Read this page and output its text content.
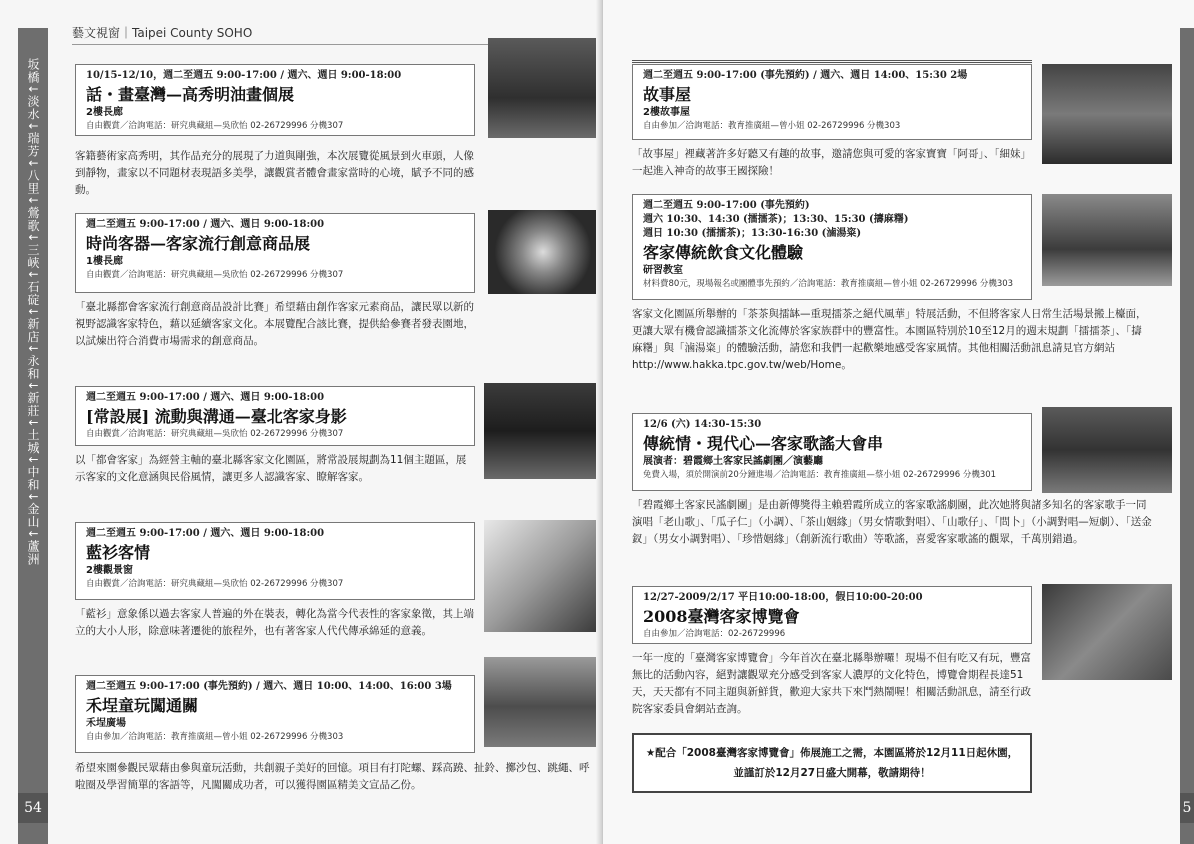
坂橋↓淡水↓瑞芳↓八里↓鶯歌↓三峽↓石碇↓新店↓永和↓新莊↓土城↓中和↓金山↓蘆洲
54
藝文視窗｜Taipei County SOHO
10/15-12/10，週二至週五 9:00-17:00 / 週六、週日 9:00-18:00
話・畫臺灣—高秀明油畫個展
2樓長廊
自由觀賞／洽詢電話：研究典藏組—吳欣怡 02-26729996 分機307
客籍藝術家高秀明，其作品充分的展現了力道與剛強，本次展覽從風景到火車頭，人像到靜物，畫家以不同題材表現語多美學，讓觀賞者體會畫家當時的心境，賦予不同的感動。
週二至週五 9:00-17:00 / 週六、週日 9:00-18:00
時尚客器—客家流行創意商品展
1樓長廊
自由觀賞／洽詢電話：研究典藏組—吳欣怡 02-26729996 分機307
「臺北縣都會客家流行創意商品設計比賽」希望藉由創作客家元素商品，讓民眾以新的視野認識客家特色，藉以延續客家文化。本展覽配合該比賽，提供給參賽者發表園地，以試煉出符合消費市場需求的創意商品。
週二至週五 9:00-17:00 / 週六、週日 9:00-18:00
[常設展] 流動與溝通—臺北客家身影
自由觀賞／洽詢電話：研究典藏組—吳欣怡 02-26729996 分機307
以「都會客家」為經營主軸的臺北縣客家文化園區，將常設展規劃為11個主題區，展示客家的文化意涵與民俗風情，讓更多人認識客家、瞭解客家。
週二至週五 9:00-17:00 / 週六、週日 9:00-18:00
藍衫客情
2樓觀景窗
自由觀賞／洽詢電話：研究典藏組—吳欣怡 02-26729996 分機307
「藍衫」意象係以過去客家人普遍的外在裝表，轉化為當今代表性的客家象徵，其上端立的大小人形，除意味著遷徙的旅程外，也有著客家人代代傳承綿延的意義。
週二至週五 9:00-17:00 (事先預約) / 週六、週日 10:00、14:00、16:00 3場
禾埕童玩闖通關
禾埕廣場
自由參加／洽詢電話：教育推廣組—曾小姐 02-26729996 分機303
希望來園參觀民眾藉由參與童玩活動，共創親子美好的回憶。項目有打陀螺、踩高蹺、扯鈴、擲沙包、跳繩、呼啦圈及學習簡單的客語等，凡闖關成功者，可以獲得園區精美文宣品乙份。
5
週二至週五 9:00-17:00 (事先預約) / 週六、週日 14:00、15:30 2場
故事屋
2樓故事屋
自由參加／洽詢電話：教育推廣組—曾小姐 02-26729996 分機303
「故事屋」裡藏著許多好聽又有趣的故事，邀請您與可愛的客家寶寶「阿哥」、「細妹」一起進入神奇的故事王國探險！
週二至週五 9:00-17:00 (事先預約)
週六 10:30、14:30 (擂擂茶)；13:30、15:30 (擣麻糬)
週日 10:30 (擂擂茶)；13:30-16:30 (滷湯粢)
客家傳統飲食文化體驗
研習教室
材料費80元，現場報名或團體事先預約／洽詢電話：教育推廣組—曾小姐 02-26729996 分機303
客家文化園區所舉辦的「茶茶與擂缽—重現擂茶之絕代風華」特展活動，不但將客家人日常生活場景搬上檯面，更讓大眾有機會認識擂茶文化流傳於客家族群中的豐富性。本園區特別於10至12月的週末規劃「擂擂茶」、「擣麻糬」與「滷湯粢」的體驗活動，請您和我們一起歡樂地感受客家風情。其他相關活動訊息請見官方網站http://www.hakka.tpc.gov.tw/web/Home。
12/6 (六) 14:30-15:30
傳統情・現代心—客家歌謠大會串
展演者：碧霞鄉土客家民謠劇團／演藝廳
免費入場，須於開演前20分鐘進場／洽詢電話：教育推廣組—蔡小姐 02-26729996 分機301
「碧霞鄉土客家民謠劇團」是由新傳獎得主賴碧霞所成立的客家歌謠劇團，此次她將與諸多知名的客家歌手一同演唱「老山歌」、「瓜子仁」（小調）、「茶山姻緣」（男女情歌對唱）、「山歌仔」、「問卜」（小調對唱—短劇）、「送金釵」（男女小調對唱）、「珍惜姻緣」（創新流行歌曲）等歌謠，喜愛客家歌謠的觀眾，千萬別錯過。
12/27-2009/2/17 平日10:00-18:00，假日10:00-20:00
2008臺灣客家博覽會
自由參加／洽詢電話：02-26729996
一年一度的「臺灣客家博覽會」今年首次在臺北縣舉辦囉！現場不但有吃又有玩，豐富無比的活動內容，絕對讓觀眾充分感受到客家人濃厚的文化特色，博覽會期程長達51天，天天都有不同主題與新鮮貨，歡迎大家共下來鬥熱鬧喔！相關活動訊息，請至行政院客家委員會網站查詢。
★配合「2008臺灣客家博覽會」佈展施工之需，本園區將於12月11日起休園，並謹訂於12月27日盛大開幕，敬請期待！
